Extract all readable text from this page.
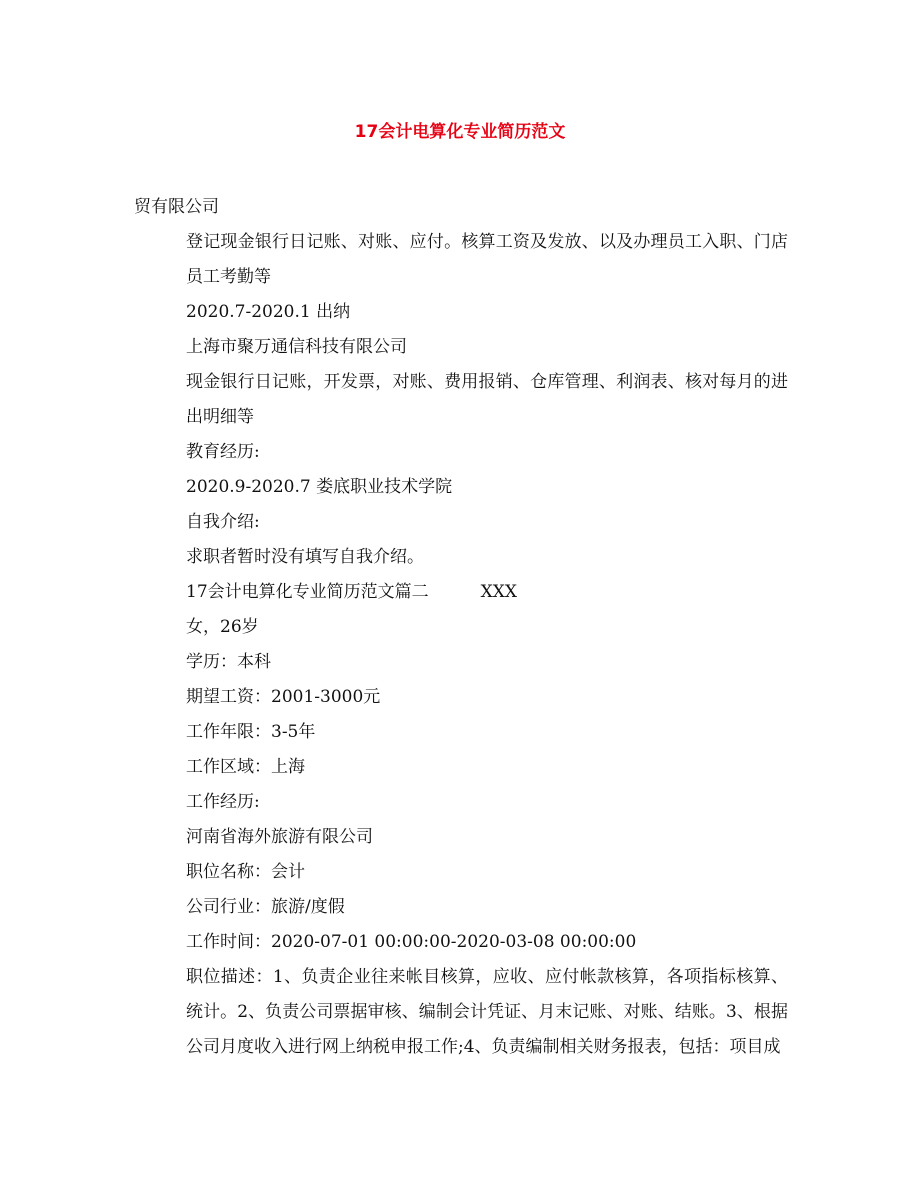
17会计电算化专业简历范文

贸有限公司

登记现金银行日记账、对账、应付。核算工资及发放、以及办理员工入职、门店员工考勤等

2020.7-2020.1 出纳

上海市聚万通信科技有限公司

现金银行日记账，开发票，对账、费用报销、仓库管理、利润表、核对每月的进出明细等

教育经历:

2020.9-2020.7 娄底职业技术学院

自我介绍:

求职者暂时没有填写自我介绍。

17会计电算化专业简历范文篇二	XXX

女，26岁

学历：本科

期望工资：2001-3000元

工作年限：3-5年

工作区域：上海

工作经历:

河南省海外旅游有限公司

职位名称：会计

公司行业：旅游/度假

工作时间：2020-07-01 00:00:00-2020-03-08 00:00:00

职位描述：1、负责企业往来帐目核算，应收、应付帐款核算，各项指标核算、统计。2、负责公司票据审核、编制会计凭证、月末记账、对账、结账。3、根据公司月度收入进行网上纳税申报工作;4、负责编制相关财务报表，包括：项目成
